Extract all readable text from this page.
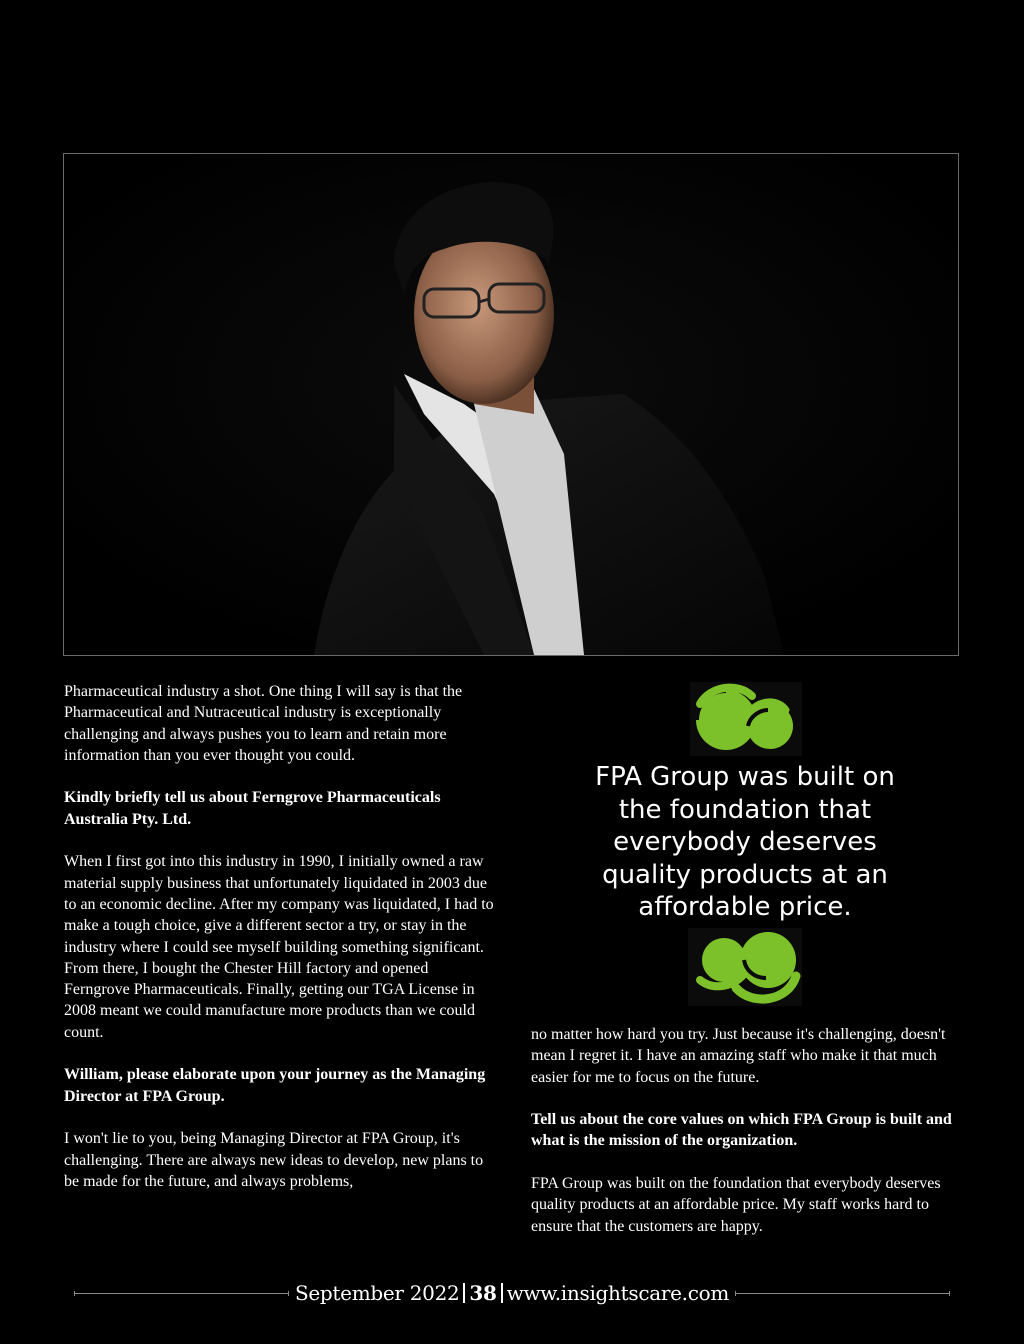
Pharmaceutical industry a shot. One thing I will say is that the Pharmaceutical and Nutraceutical industry is exceptionally challenging and always pushes you to learn and retain more information than you ever thought you could.

Kindly briefly tell us about Ferngrove Pharmaceuticals Australia Pty. Ltd.

When I first got into this industry in 1990, I initially owned a raw material supply business that unfortunately liquidated in 2003 due to an economic decline. After my company was liquidated, I had to make a tough choice, give a different sector a try, or stay in the industry where I could see myself building something significant. From there, I bought the Chester Hill factory and opened Ferngrove Pharmaceuticals. Finally, getting our TGA License in 2008 meant we could manufacture more products than we could count.

William, please elaborate upon your journey as the Managing Director at FPA Group.

I won't lie to you, being Managing Director at FPA Group, it's challenging. There are always new ideas to develop, new plans to be made for the future, and always problems,

FPA Group was built on the foundation that everybody deserves quality products at an affordable price.

no matter how hard you try. Just because it's challenging, doesn't mean I regret it. I have an amazing staff who make it that much easier for me to focus on the future.

Tell us about the core values on which FPA Group is built and what is the mission of the organization.

FPA Group was built on the foundation that everybody deserves quality products at an affordable price. My staff works hard to ensure that the customers are happy.

September 2022 38 www.insightscare.com
